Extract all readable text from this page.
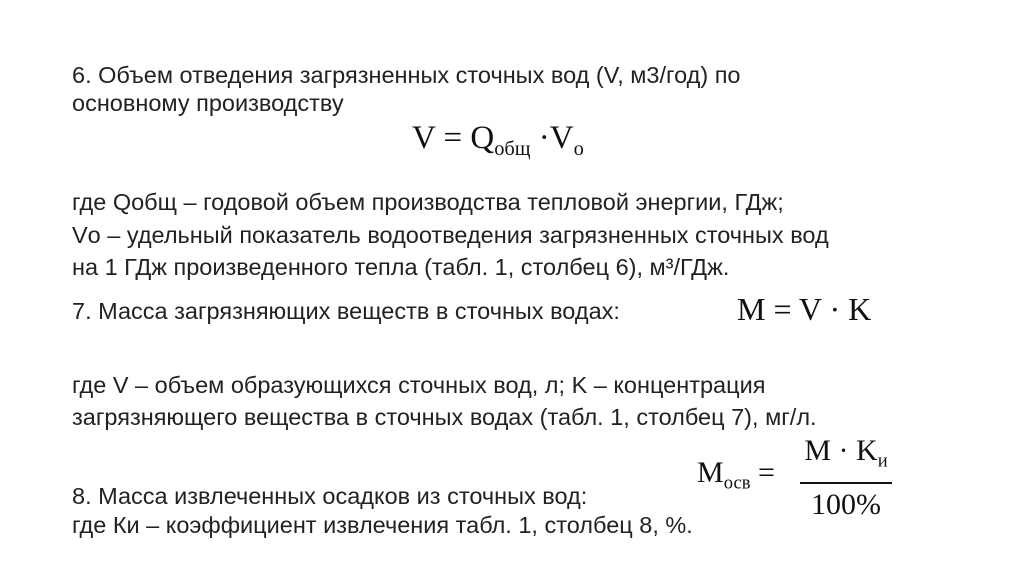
6. Объем отведения загрязненных сточных вод (V, м3/год) по
основному производству
$V = Q_{общ} \cdot V_o$
где Qобщ – годовой объем производства тепловой энергии, ГДж;
Vо – удельный показатель водоотведения загрязненных сточных вод
на 1 ГДж произведенного тепла (табл. 1, столбец 6), м³/ГДж.
7. Масса загрязняющих веществ в сточных водах:	M = V · K
где V – объем образующихся сточных вод, л; K – концентрация
загрязняющего вещества в сточных водах (табл. 1, столбец 7), мг/л.
$M_{осв}$ =
$M \cdot K_и$
100%
8. Масса извлеченных осадков из сточных вод:
где Ки – коэффициент извлечения табл. 1, столбец 8, %.
